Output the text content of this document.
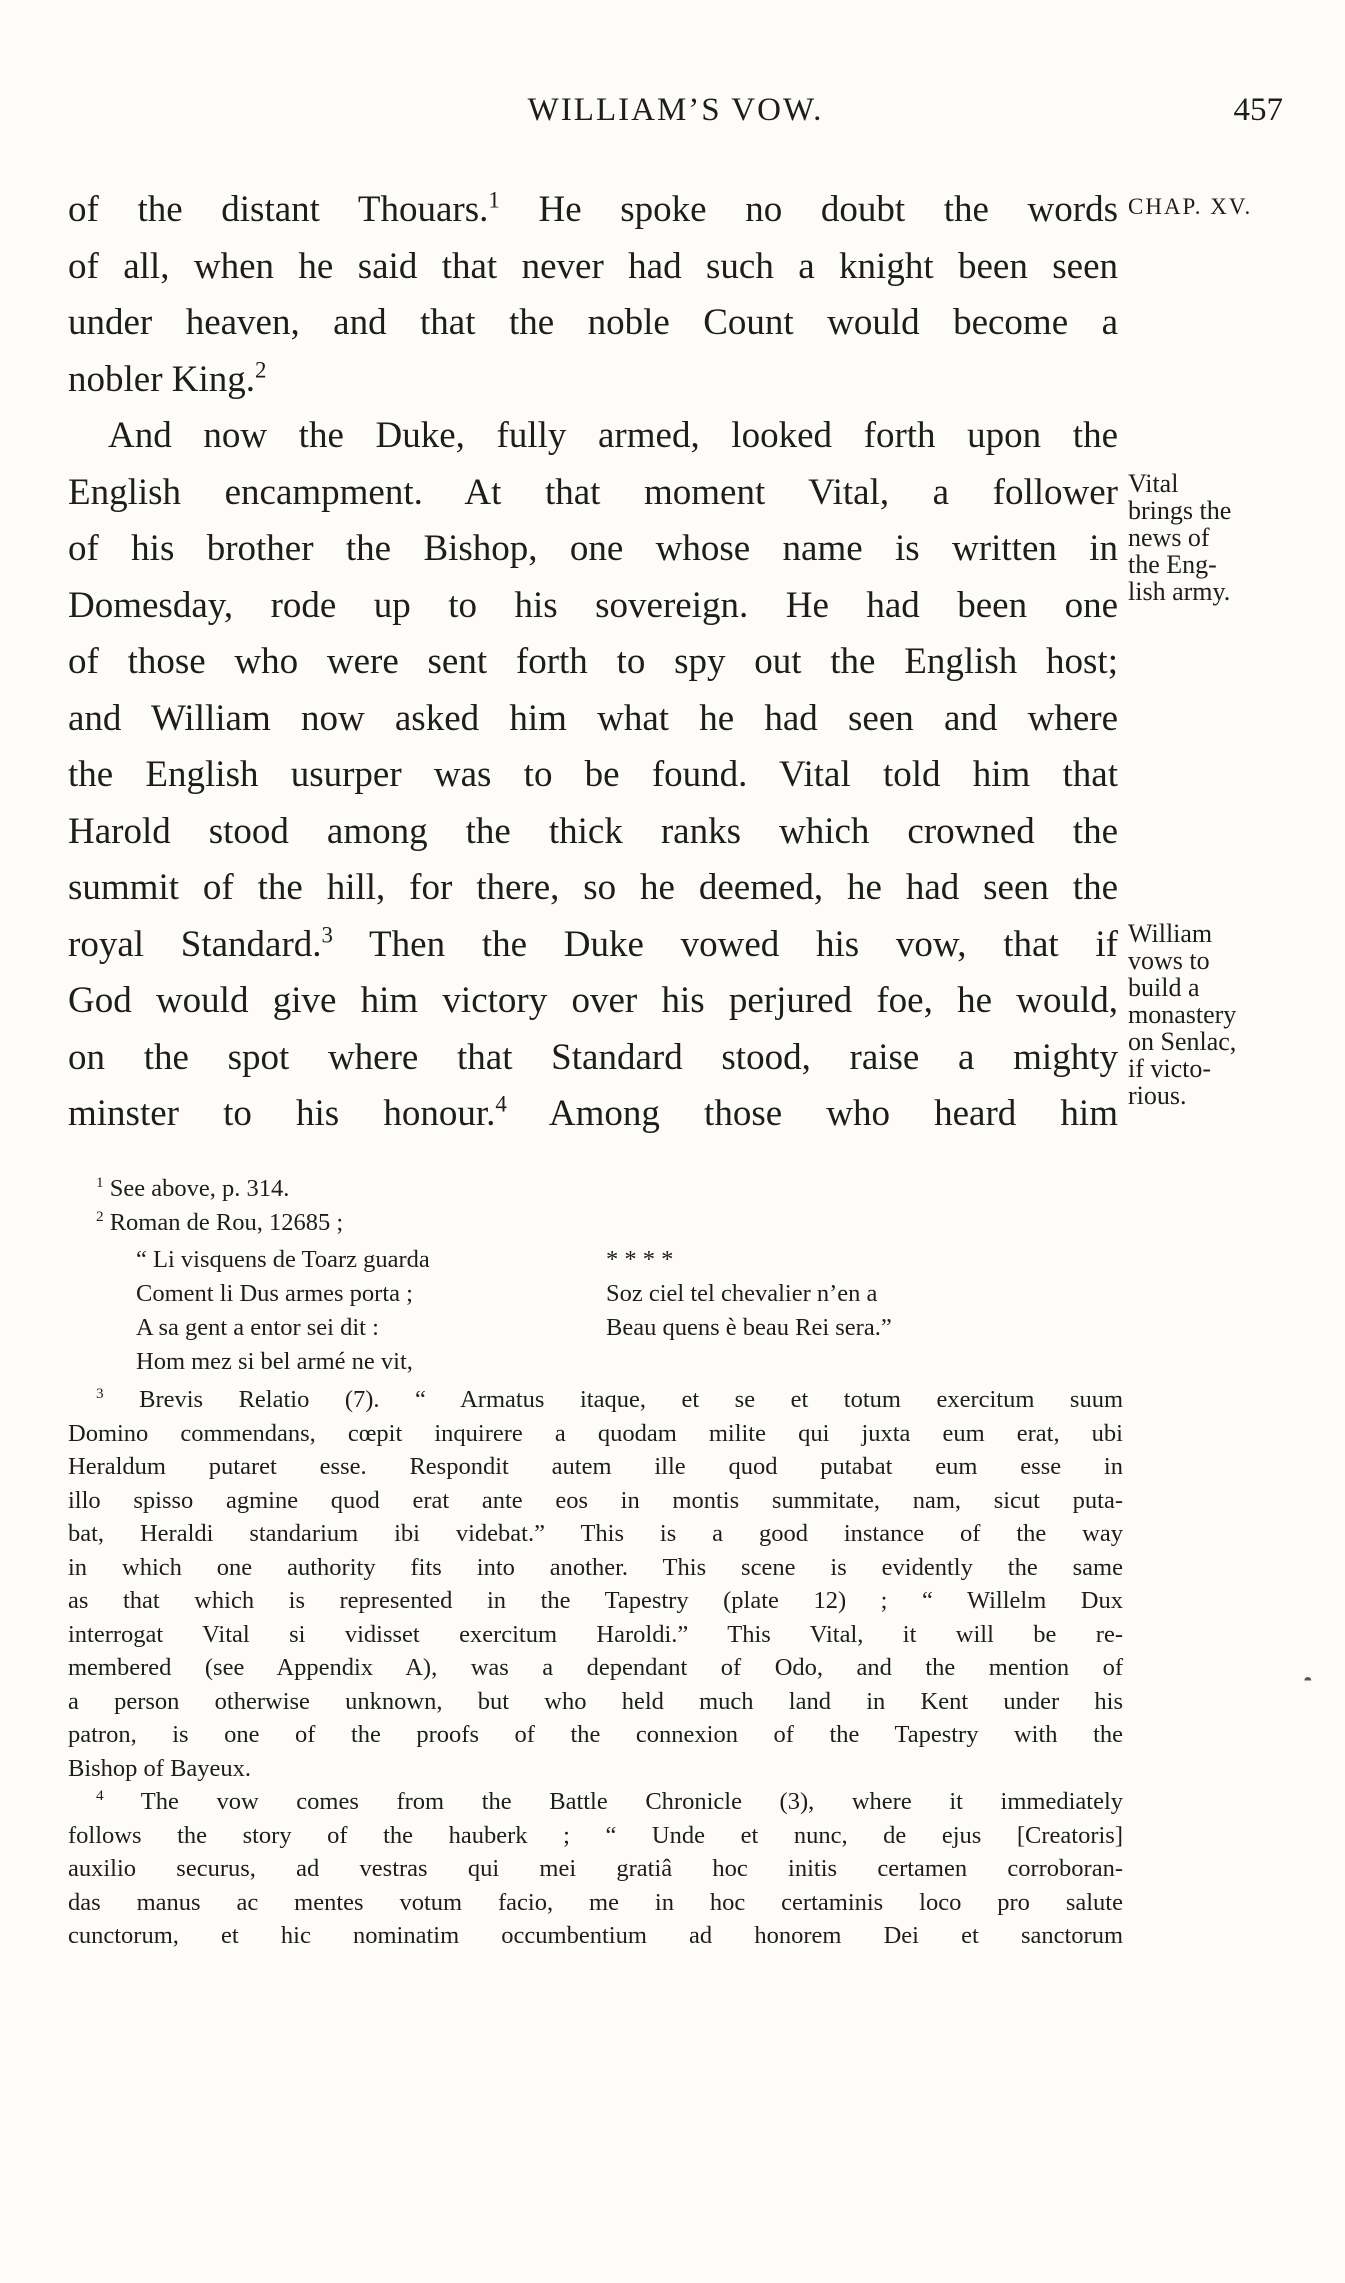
WILLIAM’S VOW.	457
of the distant Thouars.$^1$ He spoke no doubt the words
of all, when he said that never had such a knight been seen
under heaven, and that the noble Count would become a
nobler King.$^2$
And now the Duke, fully armed, looked forth upon the
English encampment. At that moment Vital, a follower
of his brother the Bishop, one whose name is written in
Domesday, rode up to his sovereign. He had been one
of those who were sent forth to spy out the English host;
and William now asked him what he had seen and where
the English usurper was to be found. Vital told him that
Harold stood among the thick ranks which crowned the
summit of the hill, for there, so he deemed, he had seen the
royal Standard.$^3$ Then the Duke vowed his vow, that if
God would give him victory over his perjured foe, he would,
on the spot where that Standard stood, raise a mighty
minster to his honour.$^4$ Among those who heard him
CHAP. XV.
Vital
brings the
news of
the Eng-
lish army.
William
vows to
build a
monastery
on Senlac,
if victo-
rious.
$^1$ See above, p. 314.
$^2$ Roman de Rou, 12685 ;
“ Li visquens de Toarz guarda	* * * *
Coment li Dus armes porta ;	Soz ciel tel chevalier n’en a
A sa gent a entor sei dit :	Beau quens è beau Rei sera.”
Hom mez si bel armé ne vit,
$^3$ Brevis Relatio (7). “ Armatus itaque, et se et totum exercitum suum
Domino commendans, cœpit inquirere a quodam milite qui juxta eum erat, ubi
Heraldum putaret esse. Respondit autem ille quod putabat eum esse in
illo spisso agmine quod erat ante eos in montis summitate, nam, sicut puta-
bat, Heraldi standarium ibi videbat.” This is a good instance of the way
in which one authority fits into another. This scene is evidently the same
as that which is represented in the Tapestry (plate 12) ; “ Willelm Dux
interrogat Vital si vidisset exercitum Haroldi.” This Vital, it will be re-
membered (see Appendix A), was a dependant of Odo, and the mention of
a person otherwise unknown, but who held much land in Kent under his
patron, is one of the proofs of the connexion of the Tapestry with the
Bishop of Bayeux.
$^4$ The vow comes from the Battle Chronicle (3), where it immediately
follows the story of the hauberk ; “ Unde et nunc, de ejus [Creatoris]
auxilio securus, ad vestras qui mei gratiâ hoc initis certamen corroboran-
das manus ac mentes votum facio, me in hoc certaminis loco pro salute
cunctorum, et hic nominatim occumbentium ad honorem Dei et sanctorum
◓
